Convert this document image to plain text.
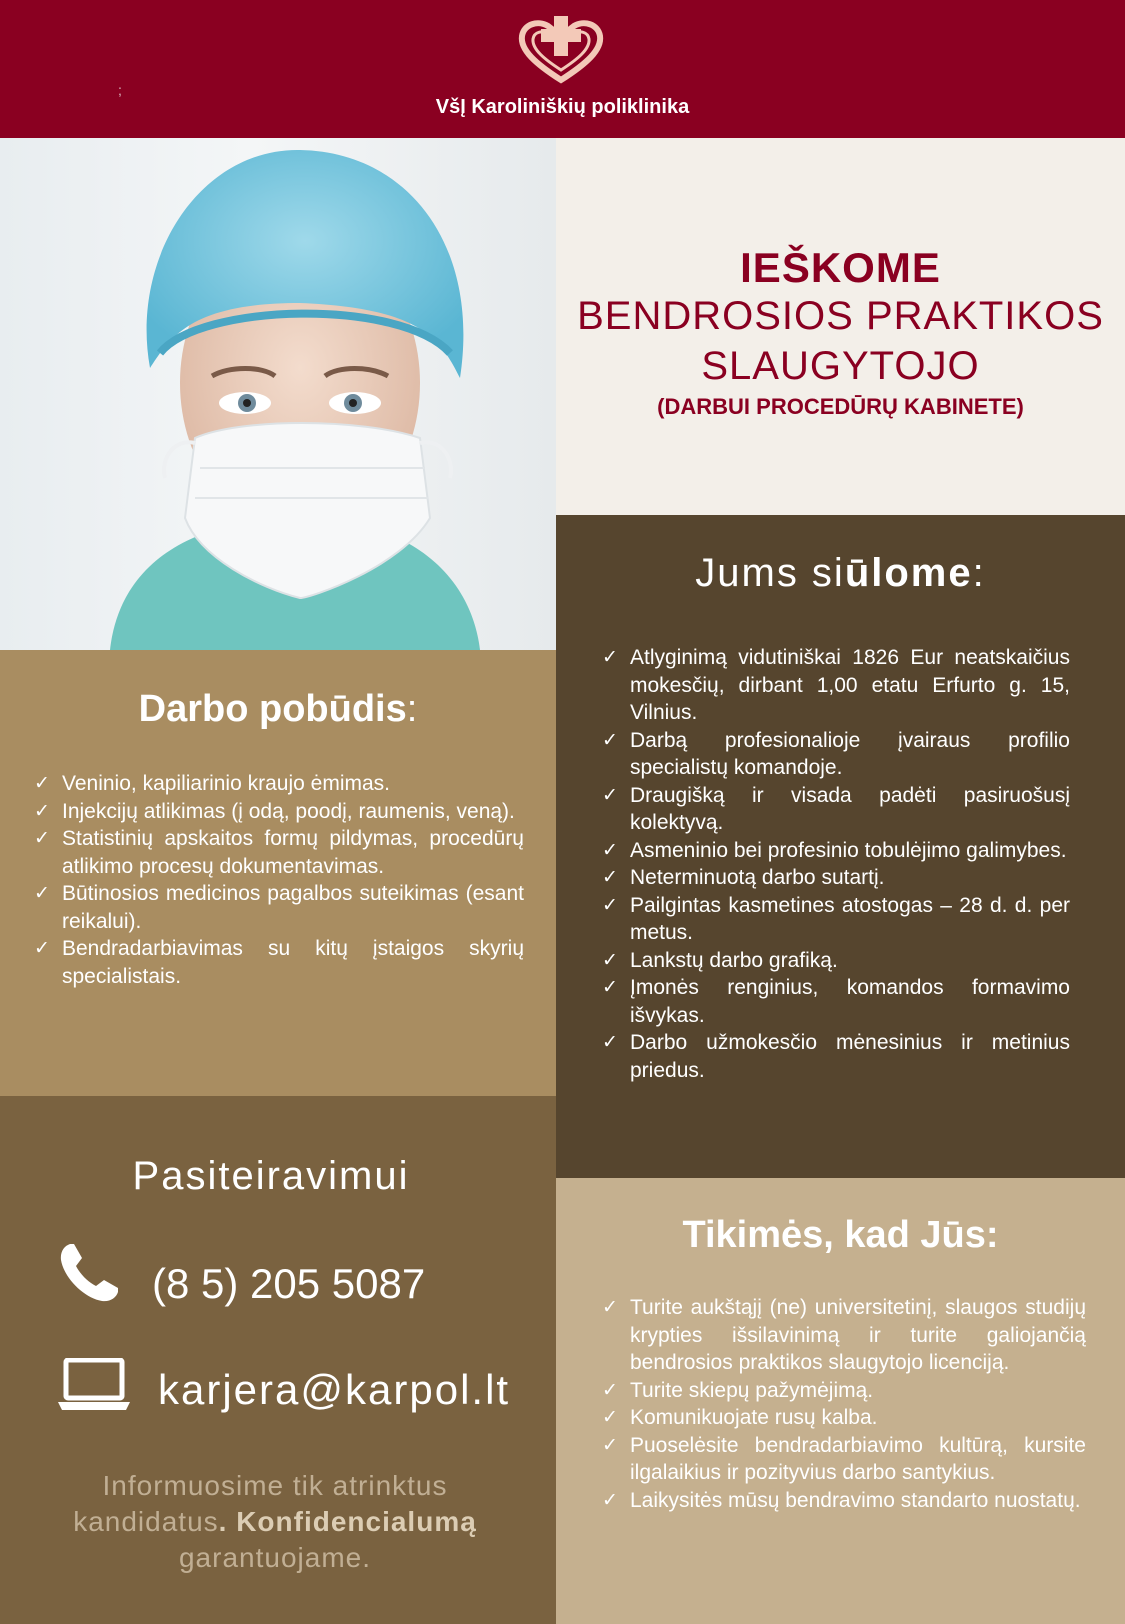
;
VšĮ Karoliniškių poliklinika
IEŠKOME
BENDROSIOS PRAKTIKOS
SLAUGYTOJO
(DARBUI PROCEDŪRŲ KABINETE)
Jums siūlome:
✓ Atlyginimą vidutiniškai 1826 Eur neatskaičius mokesčių, dirbant 1,00 etatu Erfurto g. 15, Vilnius.
✓ Darbą profesionalioje įvairaus profilio specialistų komandoje.
✓ Draugišką ir visada padėti pasiruošusį kolektyvą.
✓ Asmeninio bei profesinio tobulėjimo galimybes.
✓ Neterminuotą darbo sutartį.
✓ Pailgintas kasmetines atostogas – 28 d. d. per metus.
✓ Lankstų darbo grafiką.
✓ Įmonės renginius, komandos formavimo išvykas.
✓ Darbo užmokesčio mėnesinius ir metinius priedus.
Darbo pobūdis:
✓ Veninio, kapiliarinio kraujo ėmimas.
✓ Injekcijų atlikimas (į odą, poodį, raumenis, veną).
✓ Statistinių apskaitos formų pildymas, procedūrų atlikimo procesų dokumentavimas.
✓ Būtinosios medicinos pagalbos suteikimas (esant reikalui).
✓ Bendradarbiavimas su kitų įstaigos skyrių specialistais.
Pasiteiravimui
(8 5) 205 5087
karjera@karpol.lt
Informuosime tik atrinktus kandidatus. Konfidencialumą garantuojame.
Tikimės, kad Jūs:
✓ Turite aukštąjį (ne) universitetinį, slaugos studijų krypties išsilavinimą ir turite galiojančią bendrosios praktikos slaugytojo licenciją.
✓ Turite skiepų pažymėjimą.
✓ Komunikuojate rusų kalba.
✓ Puoselėsite bendradarbiavimo kultūrą, kursite ilgalaikius ir pozityvius darbo santykius.
✓ Laikysitės mūsų bendravimo standarto nuostatų.
